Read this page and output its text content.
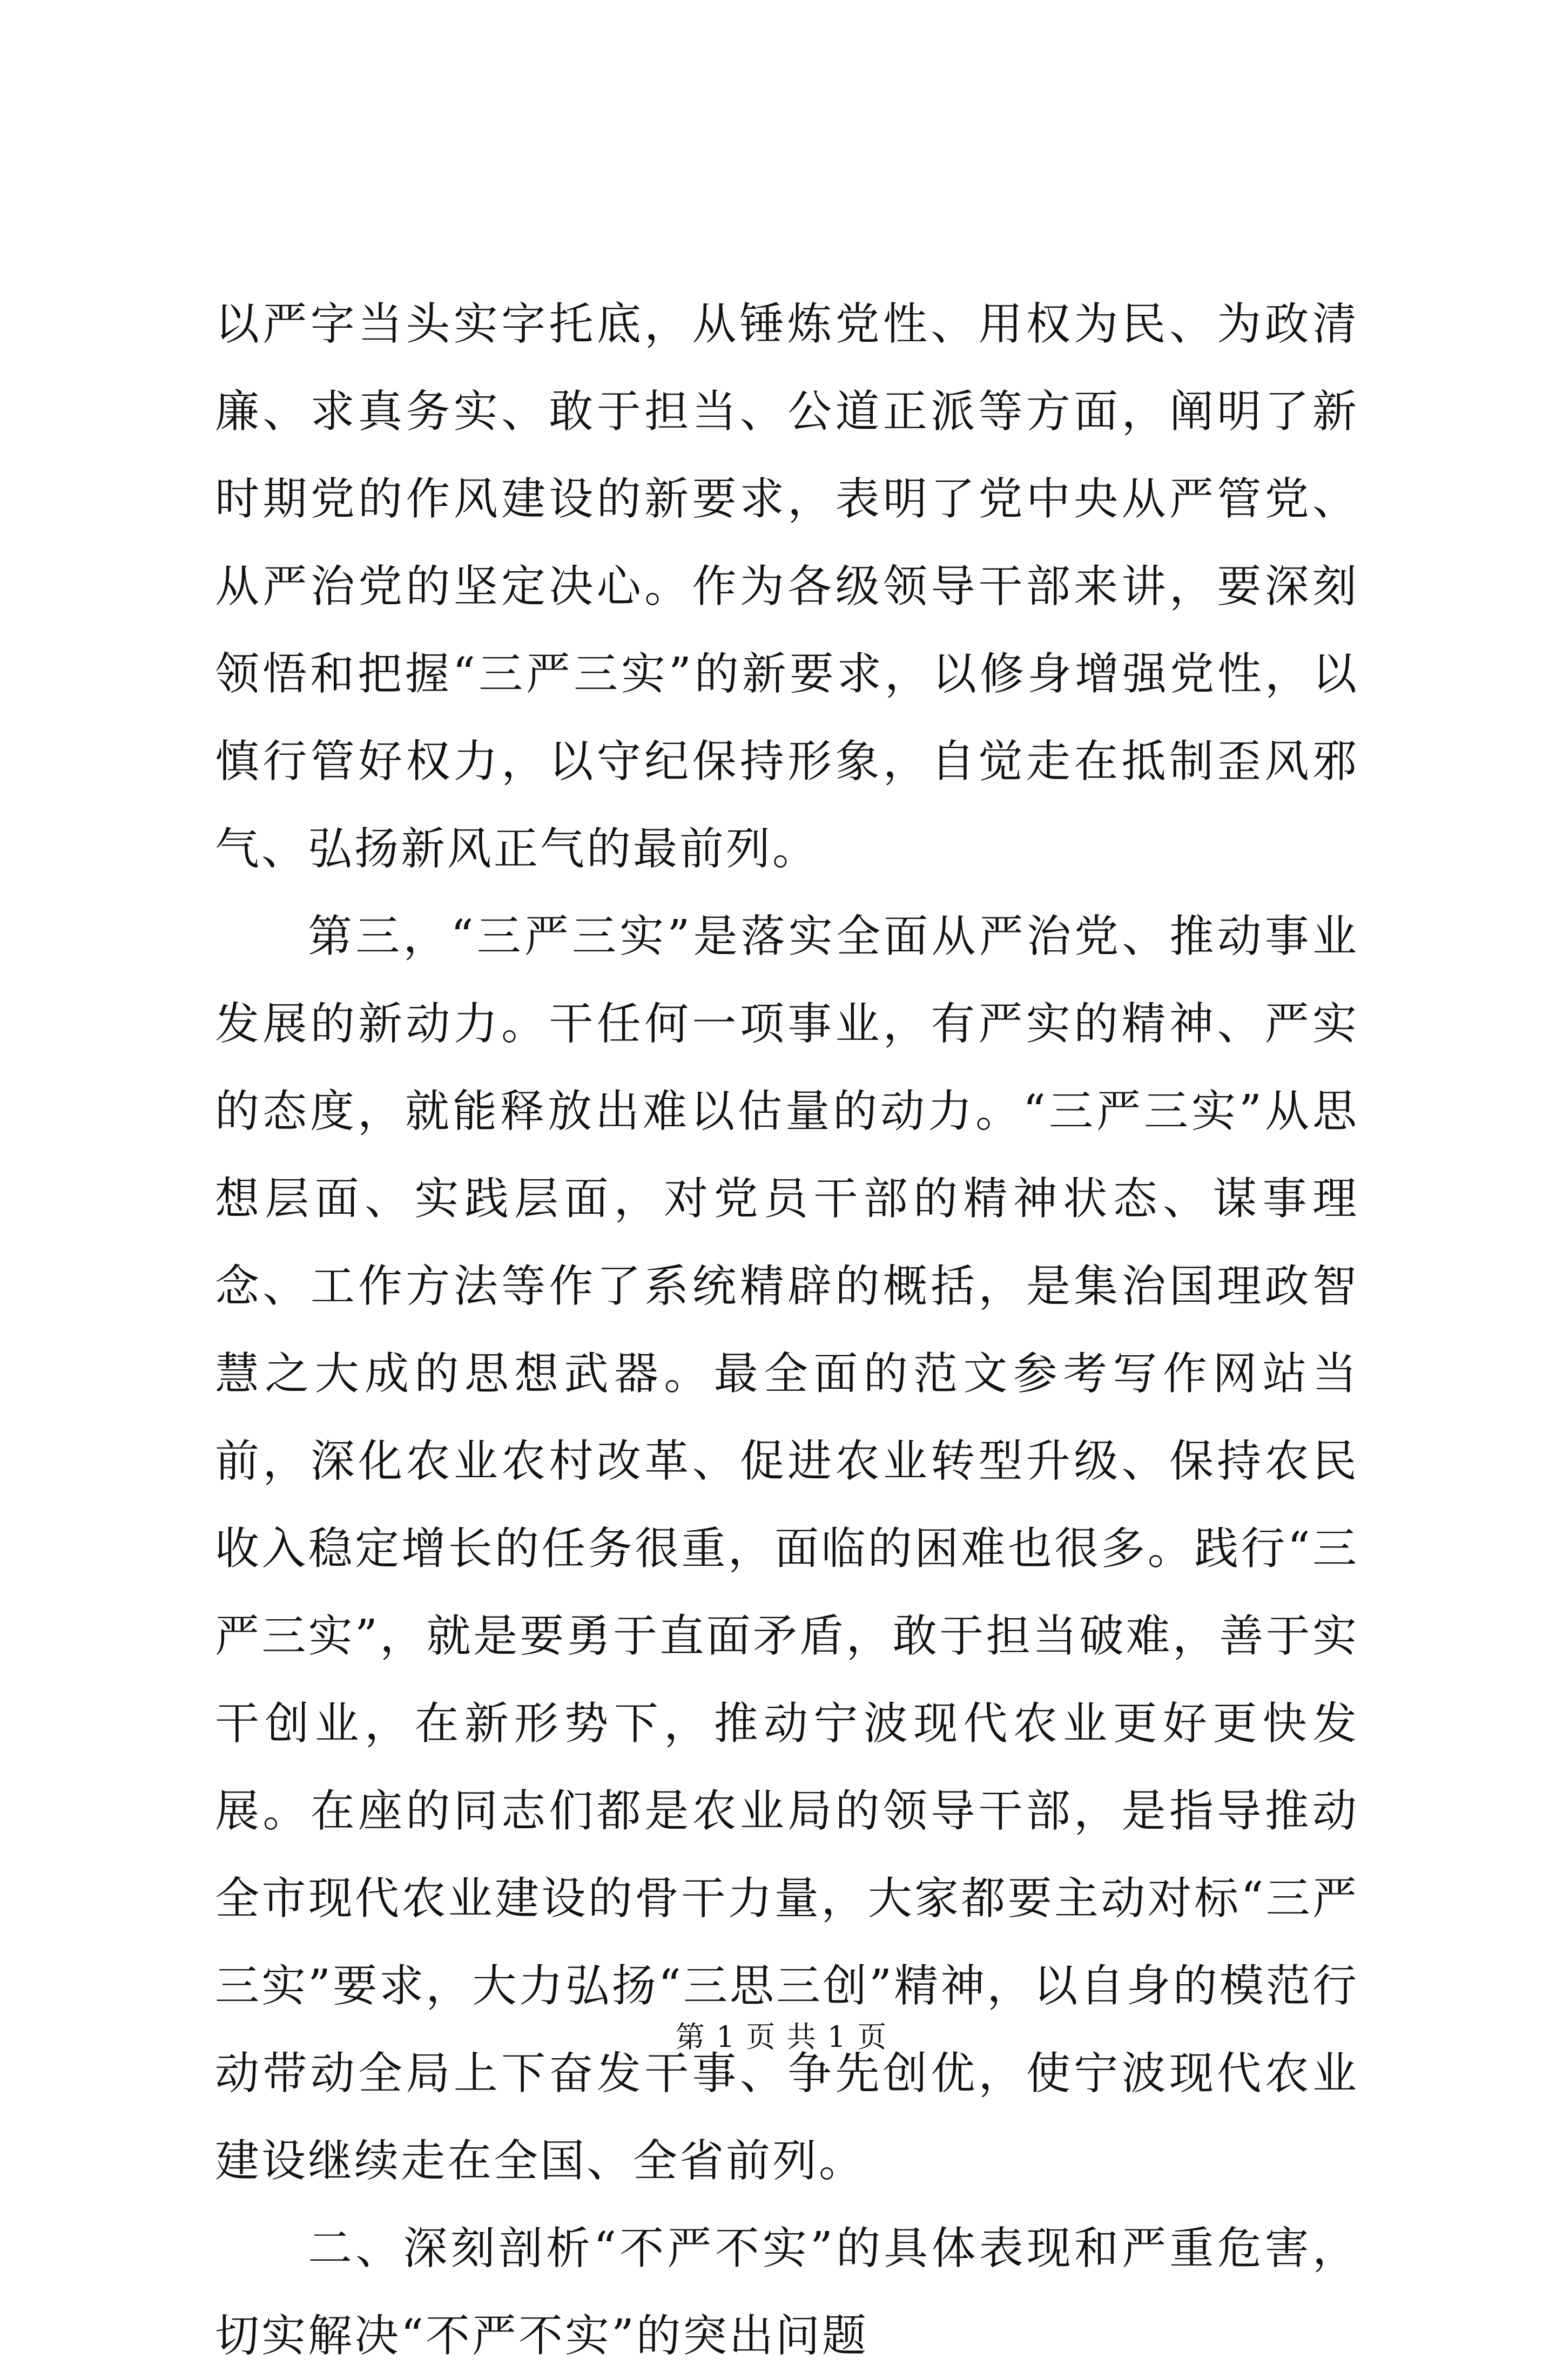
以严字当头实字托底，从锤炼党性、用权为民、为政清廉、求真务实、敢于担当、公道正派等方面，阐明了新时期党的作风建设的新要求，表明了党中央从严管党、从严治党的坚定决心。作为各级领导干部来讲，要深刻领悟和把握“三严三实”的新要求，以修身增强党性，以慎行管好权力，以守纪保持形象，自觉走在抵制歪风邪气、弘扬新风正气的最前列。

第三，“三严三实”是落实全面从严治党、推动事业发展的新动力。干任何一项事业，有严实的精神、严实的态度，就能释放出难以估量的动力。“三严三实”从思想层面、实践层面，对党员干部的精神状态、谋事理念、工作方法等作了系统精辟的概括，是集治国理政智慧之大成的思想武器。最全面的范文参考写作网站当前，深化农业农村改革、促进农业转型升级、保持农民收入稳定增长的任务很重，面临的困难也很多。践行“三严三实”，就是要勇于直面矛盾，敢于担当破难，善于实干创业，在新形势下，推动宁波现代农业更好更快发展。在座的同志们都是农业局的领导干部，是指导推动全市现代农业建设的骨干力量，大家都要主动对标“三严三实”要求，大力弘扬“三思三创”精神，以自身的模范行动带动全局上下奋发干事、争先创优，使宁波现代农业建设继续走在全国、全省前列。

二、深刻剖析“不严不实”的具体表现和严重危害，切实解决“不严不实”的突出问题

第 1 页 共 1 页
